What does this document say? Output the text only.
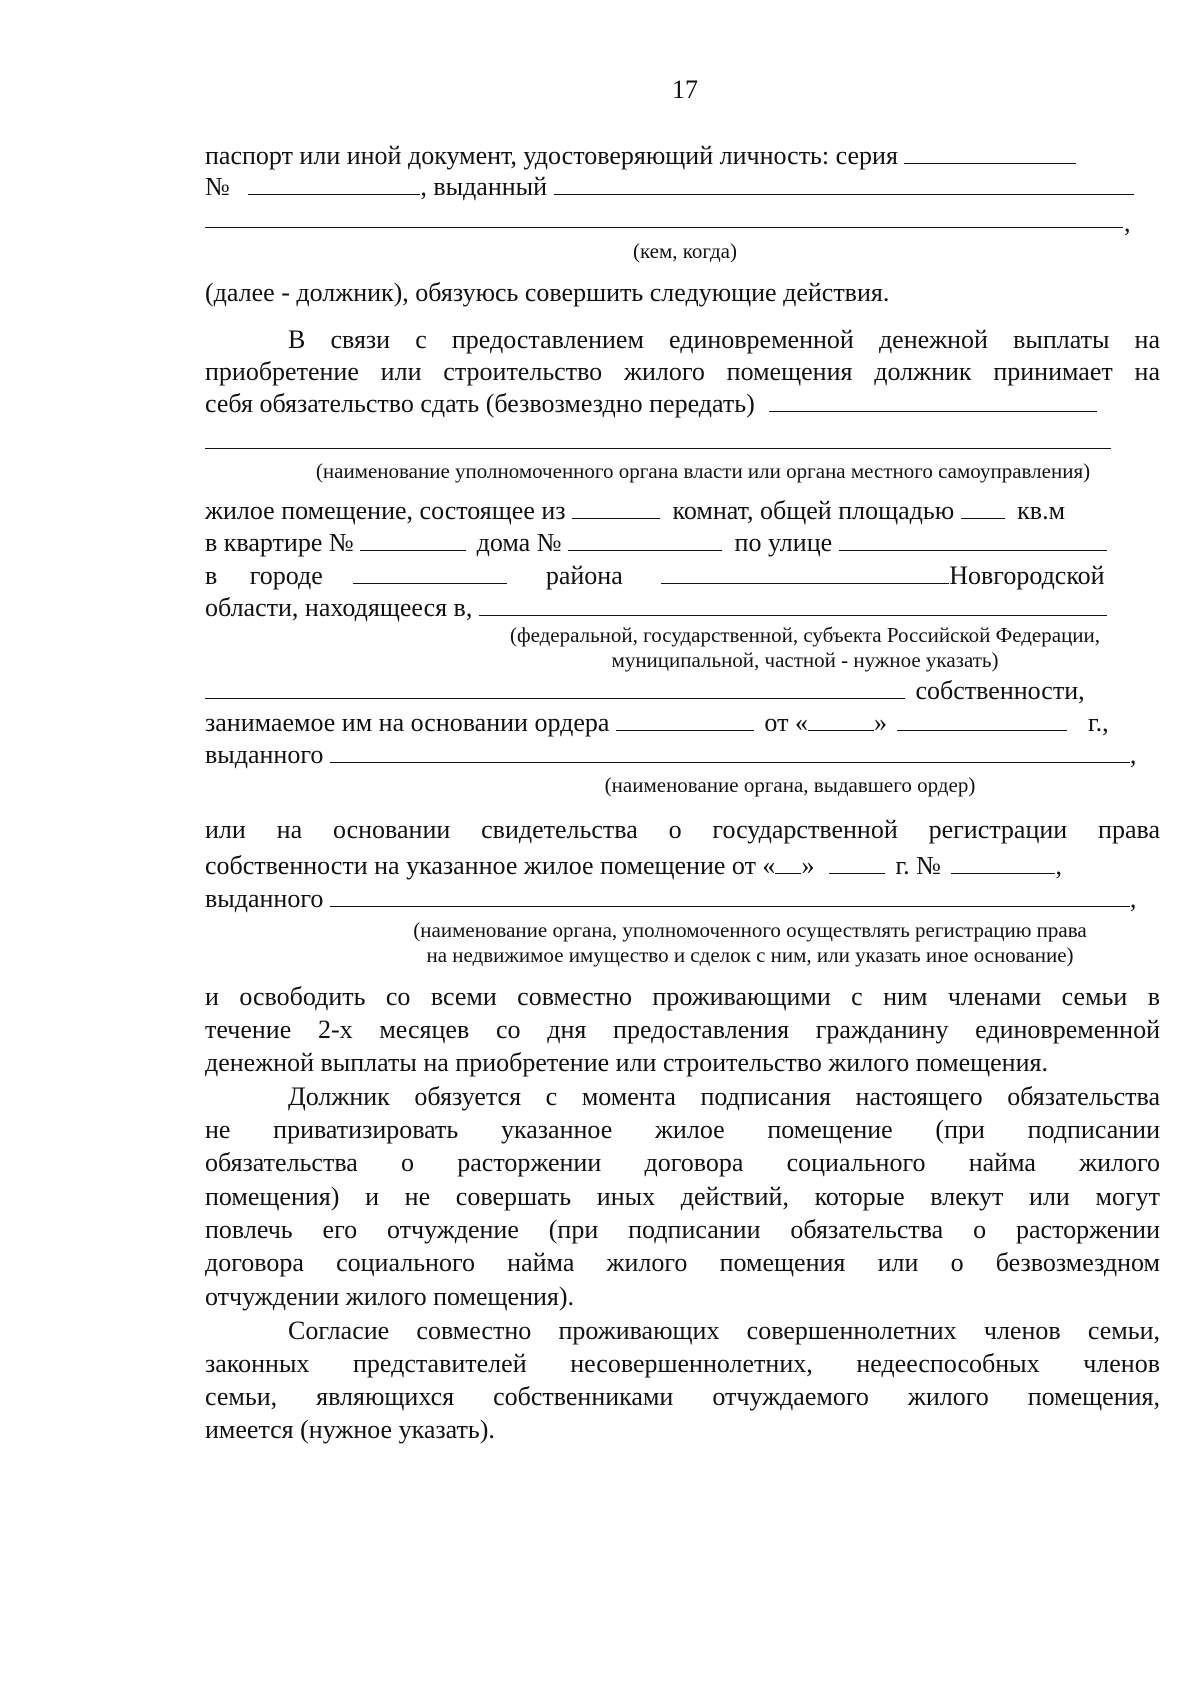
17
паспорт или иной документ, удостоверяющий личность: серия
№	, выданный
,
(кем, когда)
(далее - должник), обязуюсь совершить следующие действия.
В связи с предоставлением единовременной денежной выплаты на
приобретение или строительство жилого помещения должник принимает на
себя обязательство сдать (безвозмездно передать)
(наименование уполномоченного органа власти или органа местного самоуправления)
жилое помещение, состоящее из	комнат, общей площадью кв.м
в квартире №	дома №	по улице
в городе	района	Новгородской
области, находящееся в,
(федеральной, государственной, субъекта Российской Федерации,
муниципальной, частной - нужное указать)
собственности,
занимаемое им на основании ордера	от «	»	г.,
выданного	,
(наименование органа, выдавшего ордер)
или на основании свидетельства о государственной регистрации права
собственности на указанное жилое помещение от « »	г. №	,
выданного	,
(наименование органа, уполномоченного осуществлять регистрацию права
на недвижимое имущество и сделок с ним, или указать иное основание)
и освободить со всеми совместно проживающими с ним членами семьи в
течение 2-х месяцев со дня предоставления гражданину единовременной
денежной выплаты на приобретение или строительство жилого помещения.
Должник обязуется с момента подписания настоящего обязательства
не приватизировать указанное жилое помещение (при подписании
обязательства о расторжении договора социального найма жилого
помещения) и не совершать иных действий, которые влекут или могут
повлечь его отчуждение (при подписании обязательства о расторжении
договора социального найма жилого помещения или о безвозмездном
отчуждении жилого помещения).
Согласие совместно проживающих совершеннолетних членов семьи,
законных представителей несовершеннолетних, недееспособных членов
семьи, являющихся собственниками отчуждаемого жилого помещения,
имеется (нужное указать).
